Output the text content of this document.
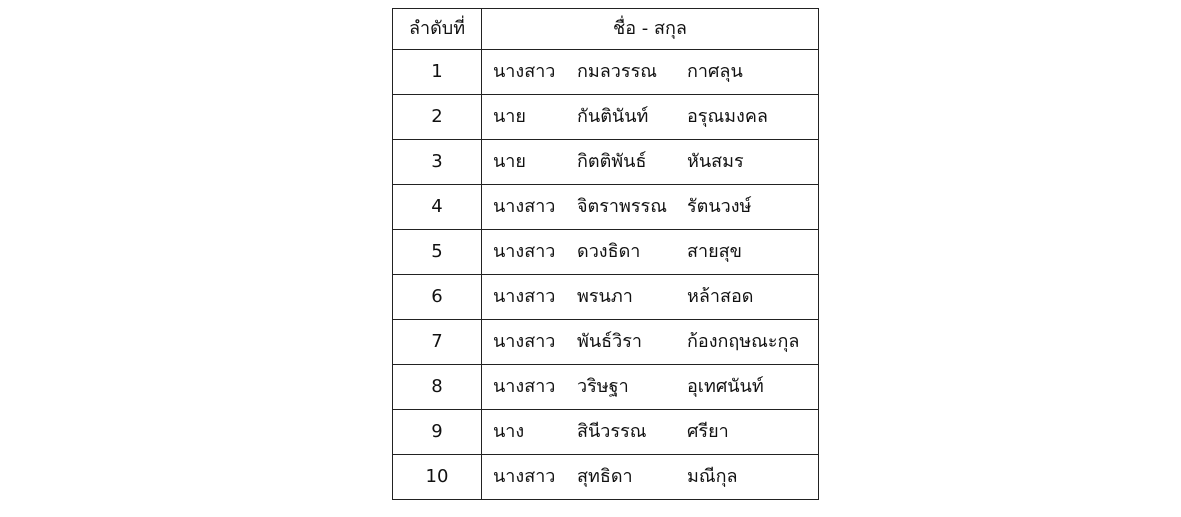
ลำดับที่	ชื่อ - สกุล
1	นางสาว กมลวรรณ กาศลุน

2	นาย กันตินันท์ อรุณมงคล

3	นาย กิตติพันธ์ หันสมร

4	นางสาว จิตราพรรณ รัตนวงษ์

5	นางสาว ดวงธิดา สายสุข

6	นางสาว พรนภา หล้าสอด

7	นางสาว พันธ์วิรา ก้องกฤษณะกุล

8	นางสาว วริษฐา อุเทศนันท์

9	นาง สินีวรรณ ศรียา

10	นางสาว สุทธิดา มณีกุล
